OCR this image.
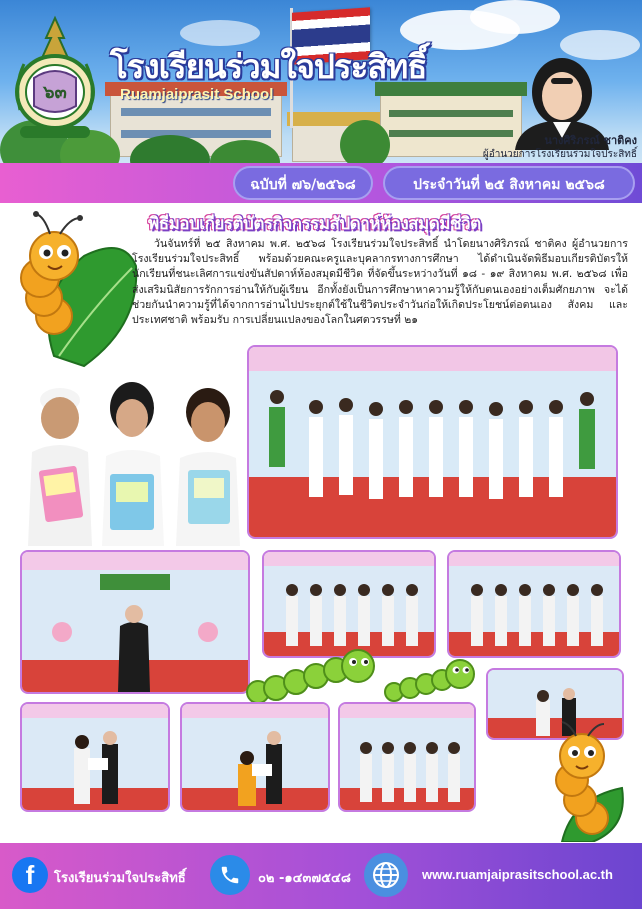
๖๓
โรงเรียนร่วมใจประสิทธิ์
Ruamjaiprasit School
นางศิริภรณ์ ชาติคง
ผู้อำนวยการโรงเรียนร่วมใจประสิทธิ์
ฉบับที่ ๗๖/๒๕๖๘	ประจำวันที่ ๒๕ สิงหาคม ๒๕๖๘
พิธีมอบเกียรติบัตรกิจกรรมสัปดาห์ห้องสมุดมีชีวิต

วันจันทร์ที่ ๒๕ สิงหาคม พ.ศ. ๒๕๖๘ โรงเรียนร่วมใจประสิทธิ์ นำโดยนางศิริภรณ์ ชาติคง ผู้อำนวยการโรงเรียนร่วมใจประสิทธิ์ พร้อมด้วยคณะครูและบุคลากรทางการศึกษา ได้ดำเนินจัดพิธีมอบเกียรติบัตรให้นักเรียนที่ชนะเลิศการแข่งขันสัปดาห์ห้องสมุดมีชีวิต ที่จัดขึ้นระหว่างวันที่ ๑๘ - ๑๙ สิงหาคม พ.ศ. ๒๕๖๘ เพื่อส่งเสริมนิสัยการรักการอ่านให้กับผู้เรียน อีกทั้งยังเป็นการศึกษาหาความรู้ให้กับตนเองอย่างเต็มศักยภาพ จะได้ช่วยกันนำความรู้ที่ได้จากการอ่านไปประยุกต์ใช้ในชีวิตประจำวันก่อให้เกิดประโยชน์ต่อตนเอง สังคม และประเทศชาติ พร้อมรับ การเปลี่ยนแปลงของโลกในศตวรรษที่ ๒๑

f	โรงเรียนร่วมใจประสิทธิ์	๐๒ -๑๔๓๗๕๔๘	www.ruamjaiprasitschool.ac.th
